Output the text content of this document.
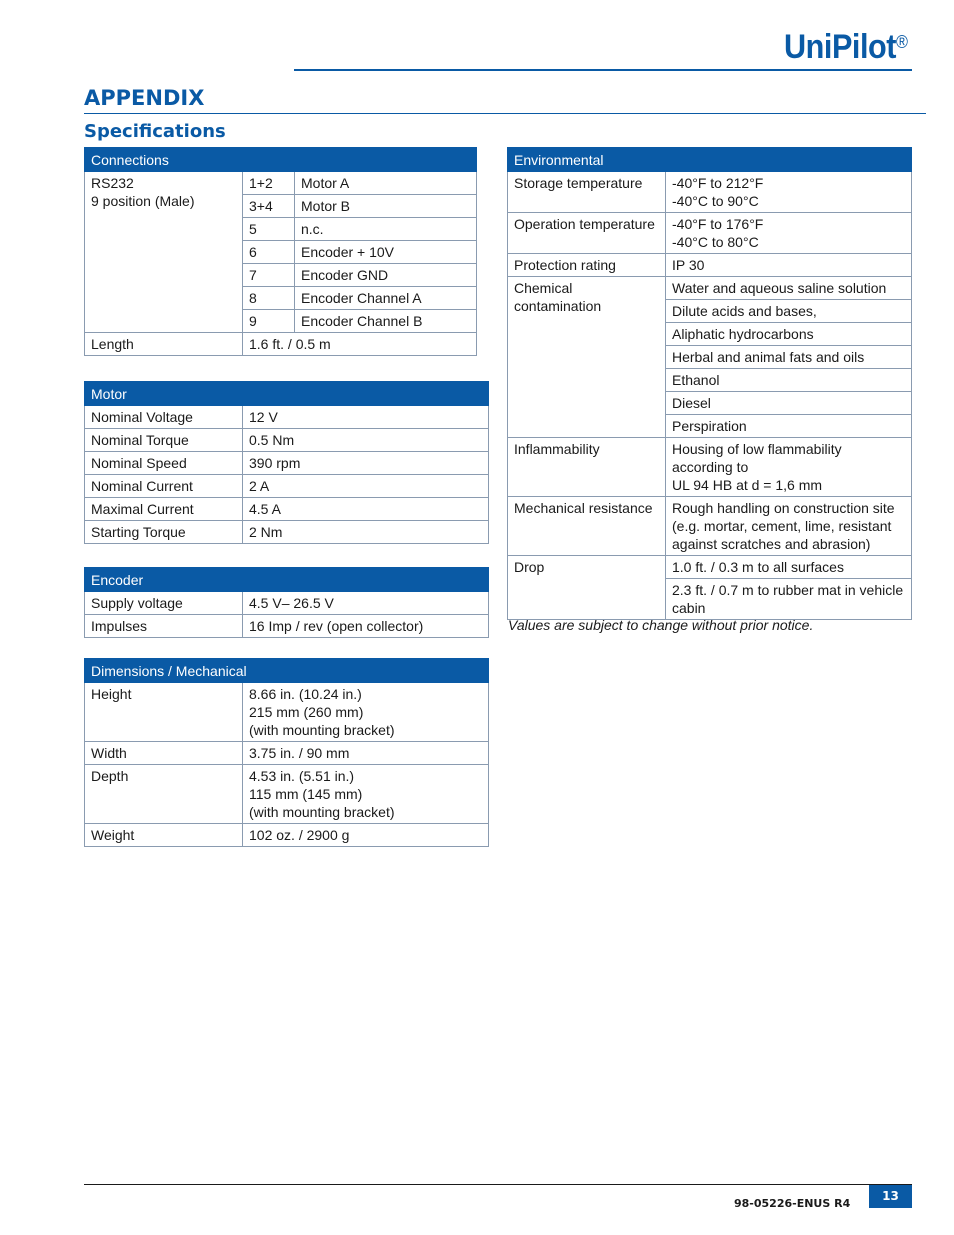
UniPilot®
APPENDIX
Specifications
Connections		

RS232
9 position (Male)	1+2	Motor A
	3+4	Motor B
	5	n.c.
	6	Encoder + 10V
	7	Encoder GND
	8	Encoder Channel A
	9	Encoder Channel B
Length	1.6 ft. / 0.5 m	
Motor	
Nominal Voltage	12 V
Nominal Torque	0.5 Nm
Nominal Speed	390 rpm
Nominal Current	2 A
Maximal Current	4.5 A
Starting Torque	2 Nm
Encoder	
Supply voltage	4.5 V– 26.5 V
Impulses	16 Imp / rev (open collector)
Dimensions / Mechanical	
Height	8.66 in. (10.24 in.)
215 mm (260 mm)
(with mounting bracket)

Width	3.75 in. / 90 mm
Depth	4.53 in. (5.51 in.)
115 mm (145 mm)
(with mounting bracket)

Weight	102 oz. / 2900 g
Environmental	
Storage temperature	-40°F to 212°F
-40°C to 90°C

Operation temperature	-40°F to 176°F
-40°C to 80°C

Protection rating	IP 30
Chemical contamination	Water and aqueous saline solution
	Dilute acids and bases,
	Aliphatic hydrocarbons
	Herbal and animal fats and oils
	Ethanol
	Diesel
	Perspiration
Inflammability	Housing of low flammability according to
UL 94 HB at d = 1,6 mm

Mechanical resistance	Rough handling on construction site
(e.g. mortar, cement, lime, resistant
against scratches and abrasion)

Drop	1.0 ft. / 0.3 m to all surfaces

	2.3 ft. / 0.7 m to rubber mat in vehicle
cabin
Values are subject to change without prior notice.
98-05226-ENUS R4
13
